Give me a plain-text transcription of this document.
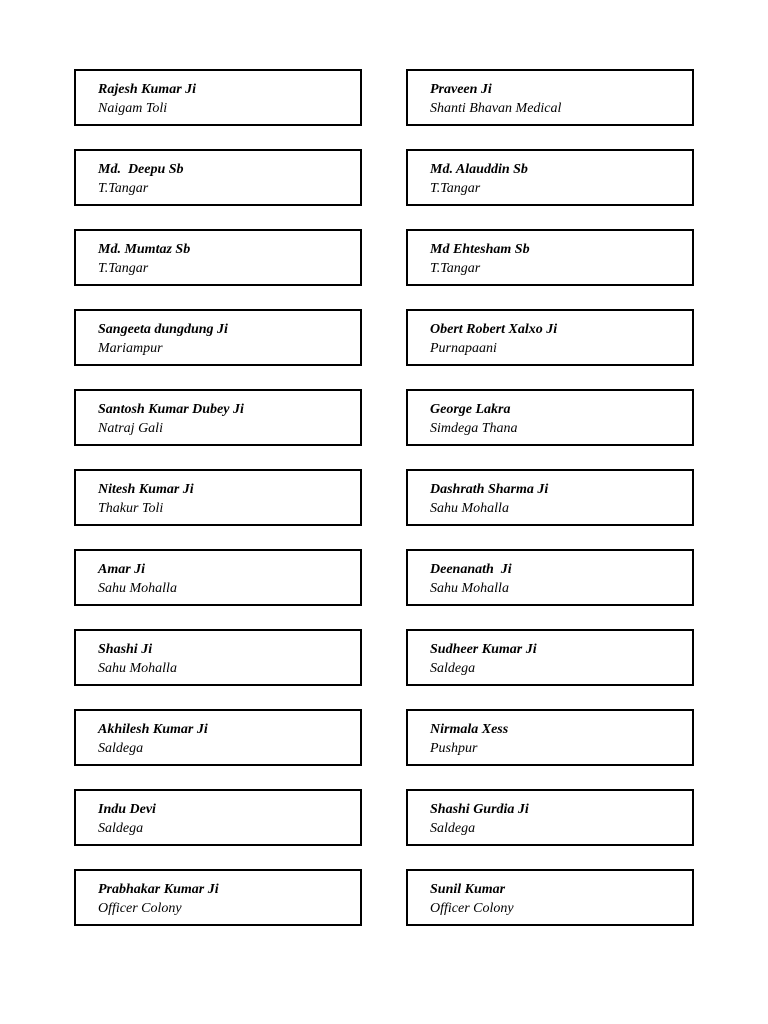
Rajesh Kumar Ji
Naigam Toli
Praveen Ji
Shanti Bhavan Medical
Md.  Deepu Sb
T.Tangar
Md. Alauddin Sb
T.Tangar
Md. Mumtaz Sb
T.Tangar
Md Ehtesham Sb
T.Tangar
Sangeeta dungdung Ji
Mariampur
Obert Robert Xalxo Ji
Purnapaani
Santosh Kumar Dubey Ji
Natraj Gali
George Lakra
Simdega Thana
Nitesh Kumar Ji
Thakur Toli
Dashrath Sharma Ji
Sahu Mohalla
Amar Ji
Sahu Mohalla
Deenanath  Ji
Sahu Mohalla
Shashi Ji
Sahu Mohalla
Sudheer Kumar Ji
Saldega
Akhilesh Kumar Ji
Saldega
Nirmala Xess
Pushpur
Indu Devi
Saldega
Shashi Gurdia Ji
Saldega
Prabhakar Kumar Ji
Officer Colony
Sunil Kumar
Officer Colony
